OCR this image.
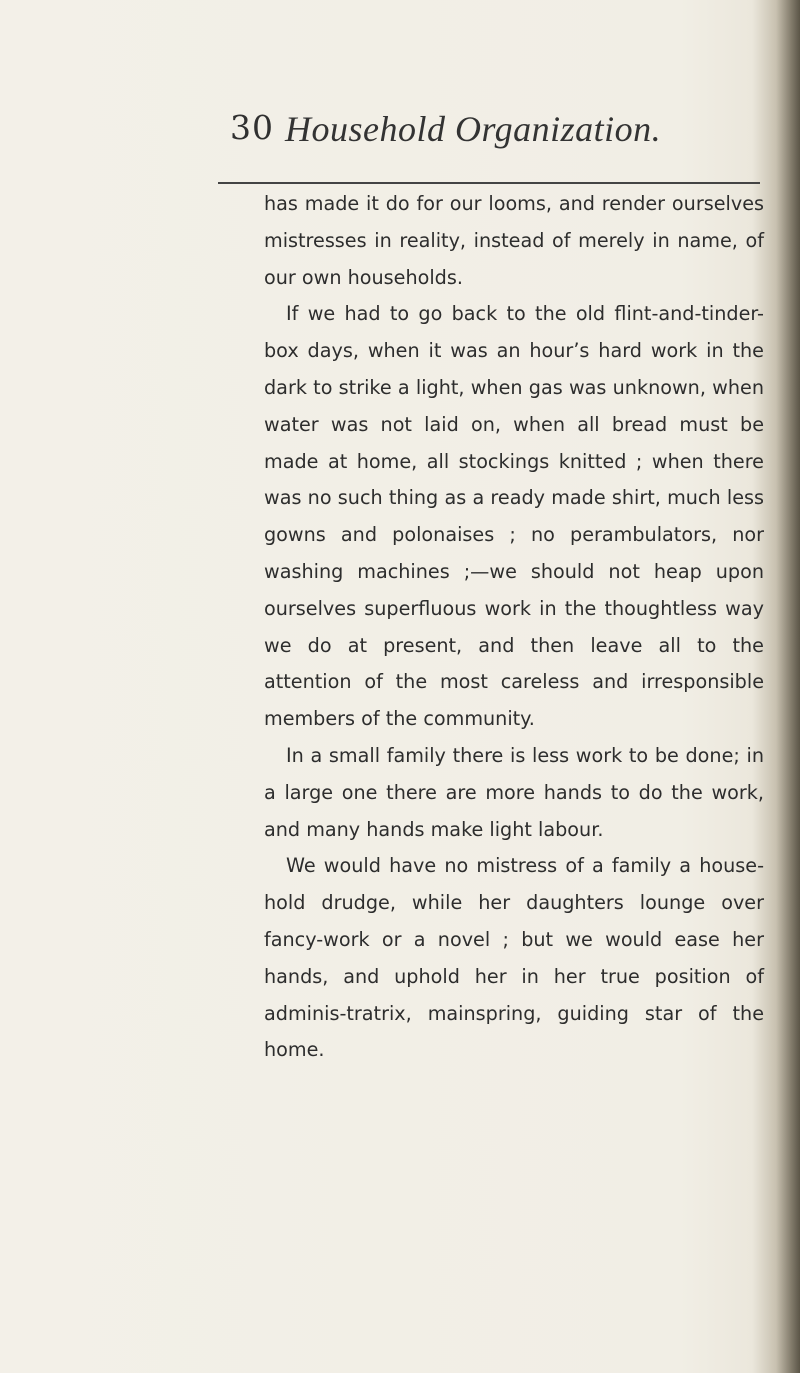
30 Household Organization.

has made it do for our looms, and render ourselves mistresses in reality, instead of merely in name, of our own households.

If we had to go back to the old flint-and-tinder-box days, when it was an hour’s hard work in the dark to strike a light, when gas was unknown, when water was not laid on, when all bread must be made at home, all stockings knitted ; when there was no such thing as a ready made shirt, much less gowns and polonaises ; no perambulators, nor washing machines ;—we should not heap upon ourselves superfluous work in the thoughtless way we do at present, and then leave all to the attention of the most careless and irresponsible members of the community.

In a small family there is less work to be done; in a large one there are more hands to do the work, and many hands make light labour.

We would have no mistress of a family a house-hold drudge, while her daughters lounge over fancy-work or a novel ; but we would ease her hands, and uphold her in her true position of adminis-tratrix, mainspring, guiding star of the home.
